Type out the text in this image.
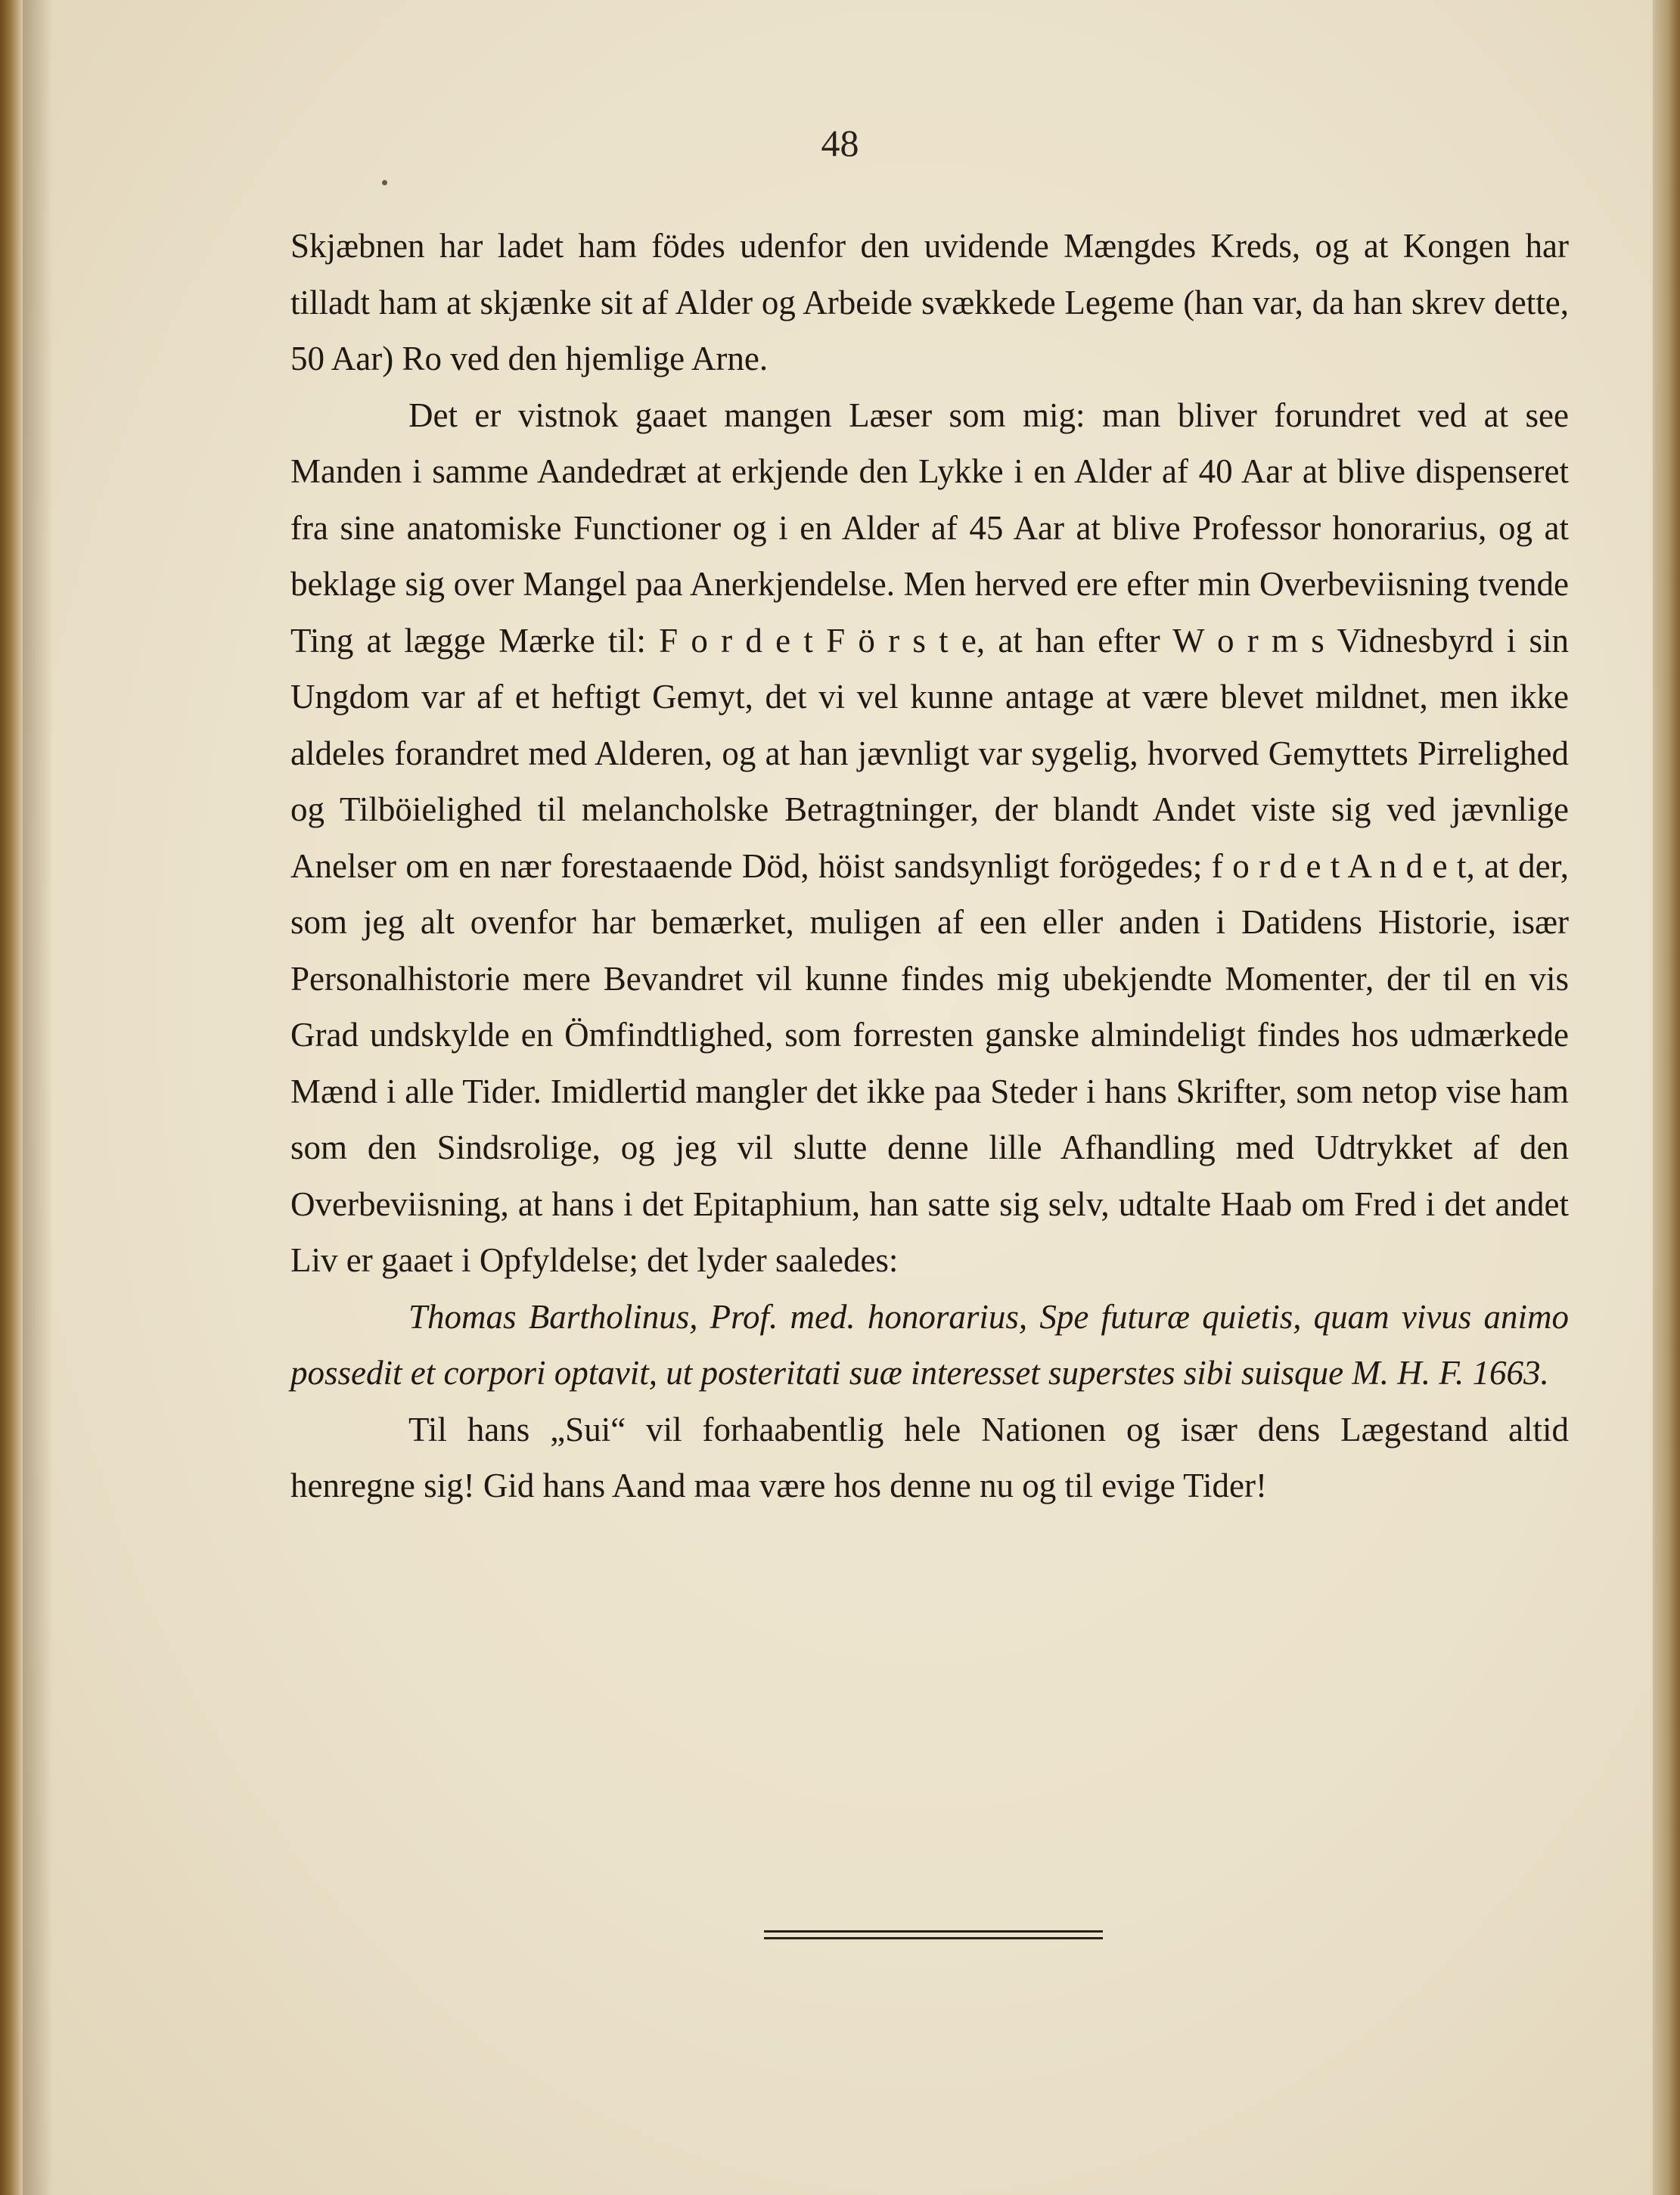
48

Skjæbnen har ladet ham födes udenfor den uvidende Mængdes Kreds, og at Kongen har tilladt ham at skjænke sit af Alder og Arbeide svækkede Legeme (han var, da han skrev dette, 50 Aar) Ro ved den hjemlige Arne.

Det er vistnok gaaet mangen Læser som mig: man bliver forundret ved at see Manden i samme Aandedræt at erkjende den Lykke i en Alder af 40 Aar at blive dispenseret fra sine anatomiske Functioner og i en Alder af 45 Aar at blive Professor honorarius, og at beklage sig over Mangel paa Anerkjendelse. Men herved ere efter min Overbeviisning tvende Ting at lægge Mærke til: F o r d e t F ö r s t e, at han efter W o r m s Vidnesbyrd i sin Ungdom var af et heftigt Gemyt, det vi vel kunne antage at være blevet mildnet, men ikke aldeles forandret med Alderen, og at han jævnligt var sygelig, hvorved Gemyttets Pirrelighed og Tilböielighed til melancholske Betragtninger, der blandt Andet viste sig ved jævnlige Anelser om en nær forestaaende Död, höist sandsynligt forögedes; f o r d e t A n d e t, at der, som jeg alt ovenfor har bemærket, muligen af een eller anden i Datidens Historie, især Personalhistorie mere Bevandret vil kunne findes mig ubekjendte Momenter, der til en vis Grad undskylde en Ömfindtlighed, som forresten ganske almindeligt findes hos udmærkede Mænd i alle Tider. Imidlertid mangler det ikke paa Steder i hans Skrifter, som netop vise ham som den Sindsrolige, og jeg vil slutte denne lille Afhandling med Udtrykket af den Overbeviisning, at hans i det Epitaphium, han satte sig selv, udtalte Haab om Fred i det andet Liv er gaaet i Opfyldelse; det lyder saaledes:

Thomas Bartholinus, Prof. med. honorarius, Spe futuræ quietis, quam vivus animo possedit et corpori optavit, ut posteritati suæ interesset superstes sibi suisque M. H. F. 1663.

Til hans „Sui“ vil forhaabentlig hele Nationen og især dens Lægestand altid henregne sig! Gid hans Aand maa være hos denne nu og til evige Tider!
